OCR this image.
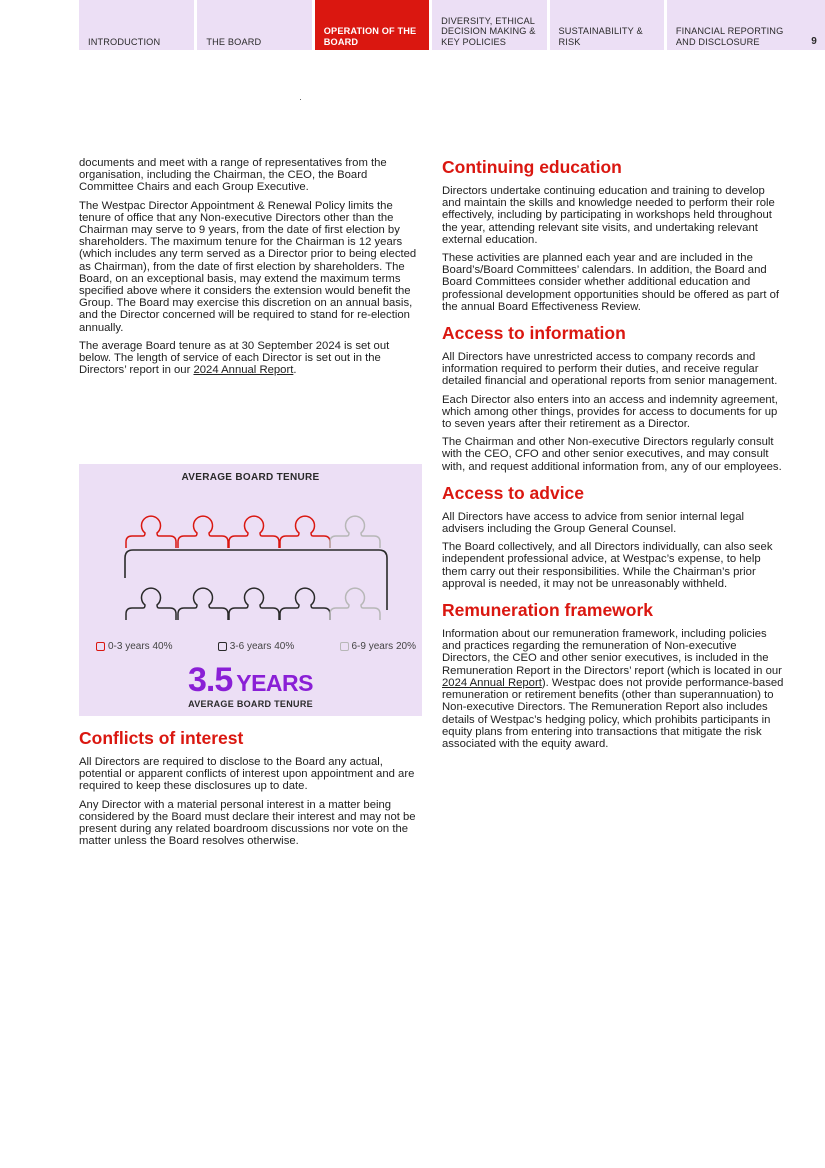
INTRODUCTION	THE BOARD
OPERATION OF THE BOARD
DIVERSITY, ETHICAL DECISION MAKING & KEY POLICIES
SUSTAINABILITY & RISK
FINANCIAL REPORTING AND DISCLOSURE	9

documents and meet with a range of representatives from the organisation, including the Chairman, the CEO, the Board Committee Chairs and each Group Executive.

The Westpac Director Appointment & Renewal Policy limits the tenure of office that any Non-executive Directors other than the Chairman may serve to 9 years, from the date of first election by shareholders. The maximum tenure for the Chairman is 12 years (which includes any term served as a Director prior to being elected as Chairman), from the date of first election by shareholders. The Board, on an exceptional basis, may extend the maximum terms specified above where it considers the extension would benefit the Group. The Board may exercise this discretion on an annual basis, and the Director concerned will be required to stand for re-election annually.

The average Board tenure as at 30 September 2024 is set out below. The length of service of each Director is set out in the Directors’ report in our 2024 Annual Report.

AVERAGE BOARD TENURE
0-3 years 40%	3-6 years 40%	6-9 years 20%
3.5 YEARS
AVERAGE BOARD TENURE
Conflicts of interest

All Directors are required to disclose to the Board any actual, potential or apparent conflicts of interest upon appointment and are required to keep these disclosures up to date.

Any Director with a material personal interest in a matter being considered by the Board must declare their interest and may not be present during any related boardroom discussions nor vote on the matter unless the Board resolves otherwise.

Continuing education

Directors undertake continuing education and training to develop and maintain the skills and knowledge needed to perform their role effectively, including by participating in workshops held throughout the year, attending relevant site visits, and undertaking relevant external education.

These activities are planned each year and are included in the Board’s/Board Committees’ calendars. In addition, the Board and Board Committees consider whether additional education and professional development opportunities should be offered as part of the annual Board Effectiveness Review.

Access to information

All Directors have unrestricted access to company records and information required to perform their duties, and receive regular detailed financial and operational reports from senior management.

Each Director also enters into an access and indemnity agreement, which among other things, provides for access to documents for up to seven years after their retirement as a Director.

The Chairman and other Non-executive Directors regularly consult with the CEO, CFO and other senior executives, and may consult with, and request additional information from, any of our employees.

Access to advice

All Directors have access to advice from senior internal legal advisers including the Group General Counsel.

The Board collectively, and all Directors individually, can also seek independent professional advice, at Westpac’s expense, to help them carry out their responsibilities. While the Chairman’s prior approval is needed, it may not be unreasonably withheld.

Remuneration framework

Information about our remuneration framework, including policies and practices regarding the remuneration of Non-executive Directors, the CEO and other senior executives, is included in the Remuneration Report in the Directors’ report (which is located in our 2024 Annual Report). Westpac does not provide performance-based remuneration or retirement benefits (other than superannuation) to Non-executive Directors. The Remuneration Report also includes details of Westpac’s hedging policy, which prohibits participants in equity plans from entering into transactions that mitigate the risk associated with the equity award.
